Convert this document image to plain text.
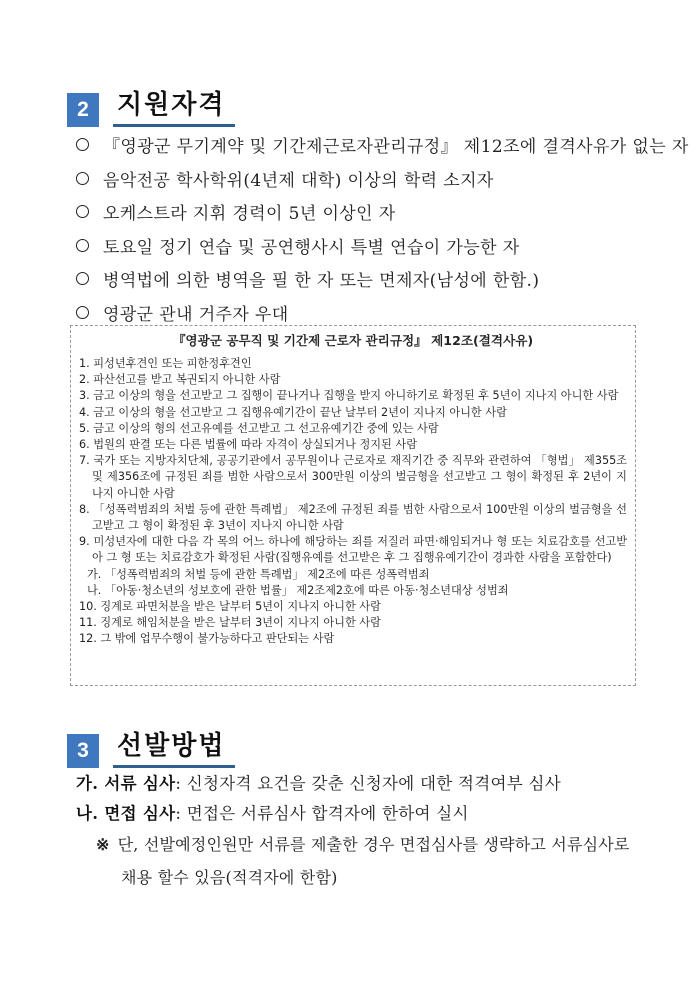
2	지원자격
『영광군 무기계약 및 기간제근로자관리규정』 제12조에 결격사유가 없는 자
음악전공 학사학위(4년제 대학) 이상의 학력 소지자
오케스트라 지휘 경력이 5년 이상인 자
토요일 정기 연습 및 공연행사시 특별 연습이 가능한 자
병역법에 의한 병역을 필 한 자 또는 면제자(남성에 한함.)
영광군 관내 거주자 우대
『영광군 공무직 및 기간제 근로자 관리규정』 제12조(결격사유)
1. 피성년후견인 또는 피한정후견인
2. 파산선고를 받고 복권되지 아니한 사람
3. 금고 이상의 형을 선고받고 그 집행이 끝나거나 집행을 받지 아니하기로 확정된 후 5년이 지나지 아니한 사람
4. 금고 이상의 형을 선고받고 그 집행유예기간이 끝난 날부터 2년이 지나지 아니한 사람
5. 금고 이상의 형의 선고유예를 선고받고 그 선고유예기간 중에 있는 사람
6. 법원의 판결 또는 다른 법률에 따라 자격이 상실되거나 정지된 사람
7. 국가 또는 지방자치단체, 공공기관에서 공무원이나 근로자로 재직기간 중 직무와 관련하여 「형법」 제355조 및 제356조에 규정된 죄를 범한 사람으로서 300만원 이상의 벌금형을 선고받고 그 형이 확정된 후 2년이 지나지 아니한 사람
8. 「성폭력범죄의 처벌 등에 관한 특례법」 제2조에 규정된 죄를 범한 사람으로서 100만원 이상의 벌금형을 선고받고 그 형이 확정된 후 3년이 지나지 아니한 사람
9. 미성년자에 대한 다음 각 목의 어느 하나에 해당하는 죄를 저질러 파면·해임되거나 형 또는 치료감호를 선고받아 그 형 또는 치료감호가 확정된 사람(집행유예를 선고받은 후 그 집행유예기간이 경과한 사람을 포함한다)
가. 「성폭력범죄의 처벌 등에 관한 특례법」 제2조에 따른 성폭력범죄
나. 「아동·청소년의 성보호에 관한 법률」 제2조제2호에 따른 아동·청소년대상 성범죄
10. 징계로 파면처분을 받은 날부터 5년이 지나지 아니한 사람
11. 징계로 해임처분을 받은 날부터 3년이 지나지 아니한 사람
12. 그 밖에 업무수행이 불가능하다고 판단되는 사람
3	선발방법
가. 서류 심사: 신청자격 요건을 갖춘 신청자에 대한 적격여부 심사
나. 면접 심사: 면접은 서류심사 합격자에 한하여 실시
※ 단, 선발예정인원만 서류를 제출한 경우 면접심사를 생략하고 서류심사로
채용 할수 있음(적격자에 한함)
